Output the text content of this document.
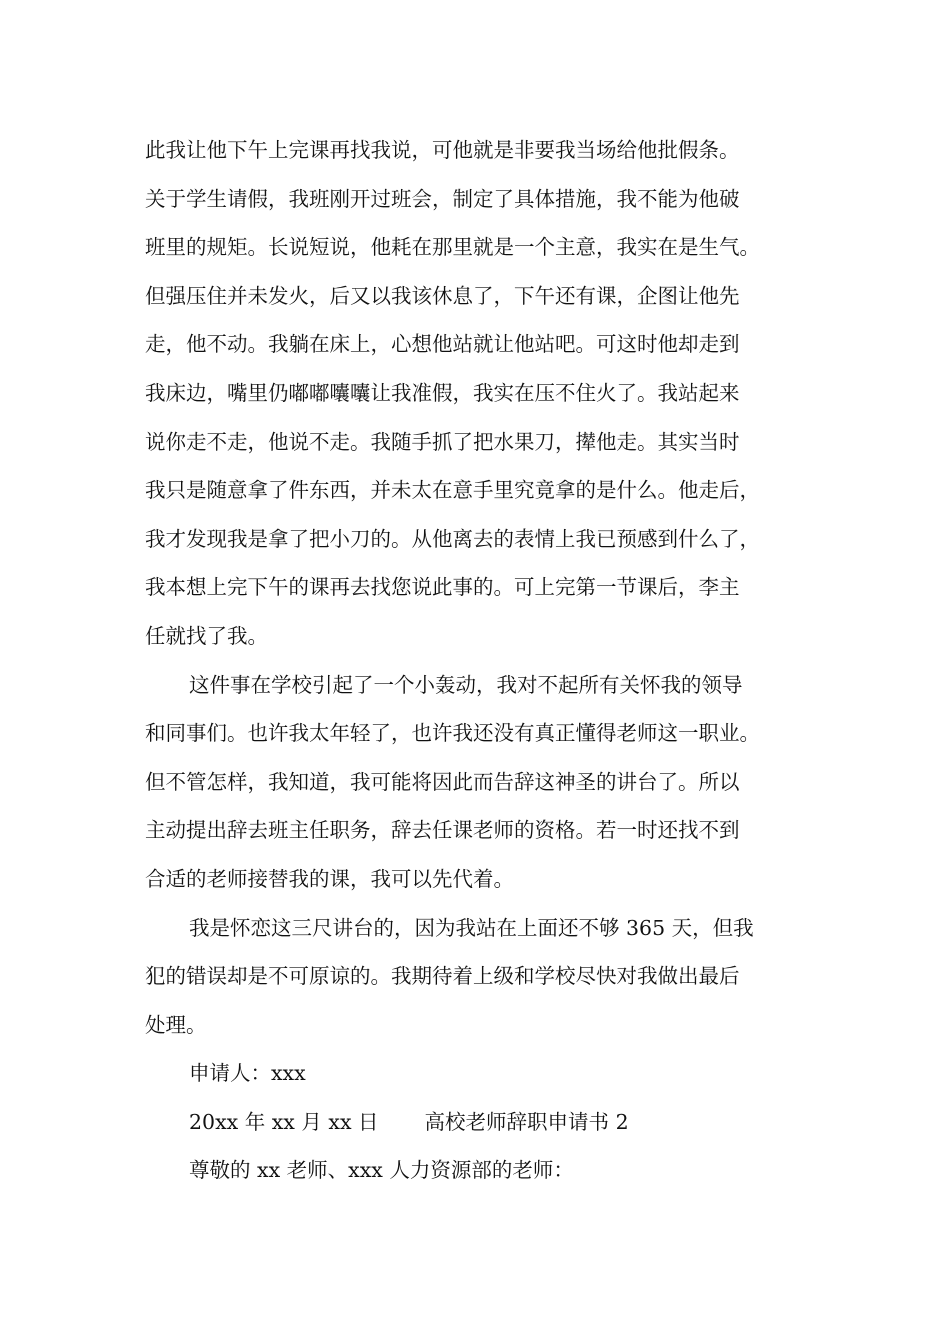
此我让他下午上完课再找我说，可他就是非要我当场给他批假条。
关于学生请假，我班刚开过班会，制定了具体措施，我不能为他破
班里的规矩。长说短说，他耗在那里就是一个主意，我实在是生气。
但强压住并未发火，后又以我该休息了，下午还有课，企图让他先
走，他不动。我躺在床上，心想他站就让他站吧。可这时他却走到
我床边，嘴里仍嘟嘟囔囔让我准假，我实在压不住火了。我站起来
说你走不走，他说不走。我随手抓了把水果刀，撵他走。其实当时
我只是随意拿了件东西，并未太在意手里究竟拿的是什么。他走后，
我才发现我是拿了把小刀的。从他离去的表情上我已预感到什么了，
我本想上完下午的课再去找您说此事的。可上完第一节课后，李主
任就找了我。
这件事在学校引起了一个小轰动，我对不起所有关怀我的领导
和同事们。也许我太年轻了，也许我还没有真正懂得老师这一职业。
但不管怎样，我知道，我可能将因此而告辞这神圣的讲台了。所以
主动提出辞去班主任职务，辞去任课老师的资格。若一时还找不到
合适的老师接替我的课，我可以先代着。
我是怀恋这三尺讲台的，因为我站在上面还不够 365 天，但我
犯的错误却是不可原谅的。我期待着上级和学校尽快对我做出最后
处理。
申请人：xxx
20xx 年 xx 月 xx 日 高校老师辞职申请书 2
尊敬的 xx 老师、xxx 人力资源部的老师：
